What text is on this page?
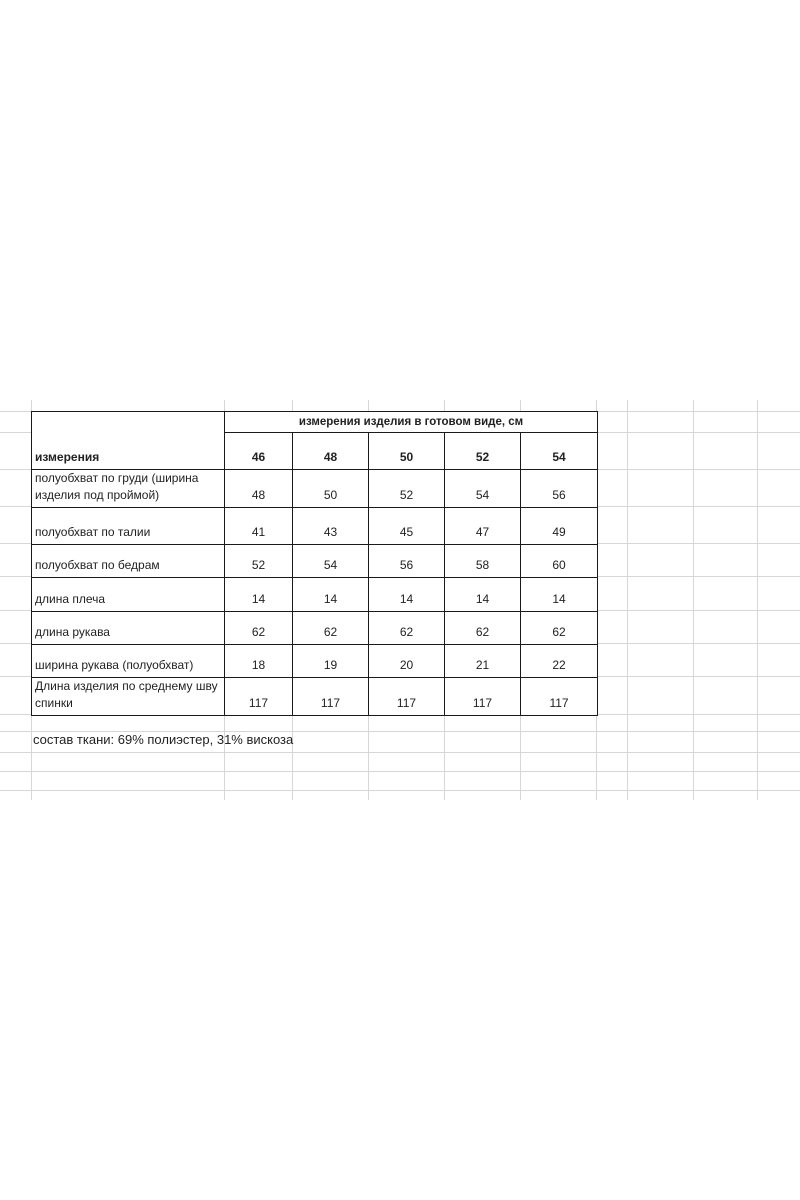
измерения	измерения изделия в готовом виде, см				
	46	48	50	52	54
полуобхват по груди (ширина изделия под проймой)	48	50	52	54	56
полуобхват по талии	41	43	45	47	49
полуобхват по бедрам	52	54	56	58	60
длина плеча	14	14	14	14	14
длина рукава	62	62	62	62	62
ширина рукава (полуобхват)	18	19	20	21	22
Длина изделия по среднему шву спинки	117	117	117	117	117
состав ткани: 69% полиэстер, 31% вискоза
